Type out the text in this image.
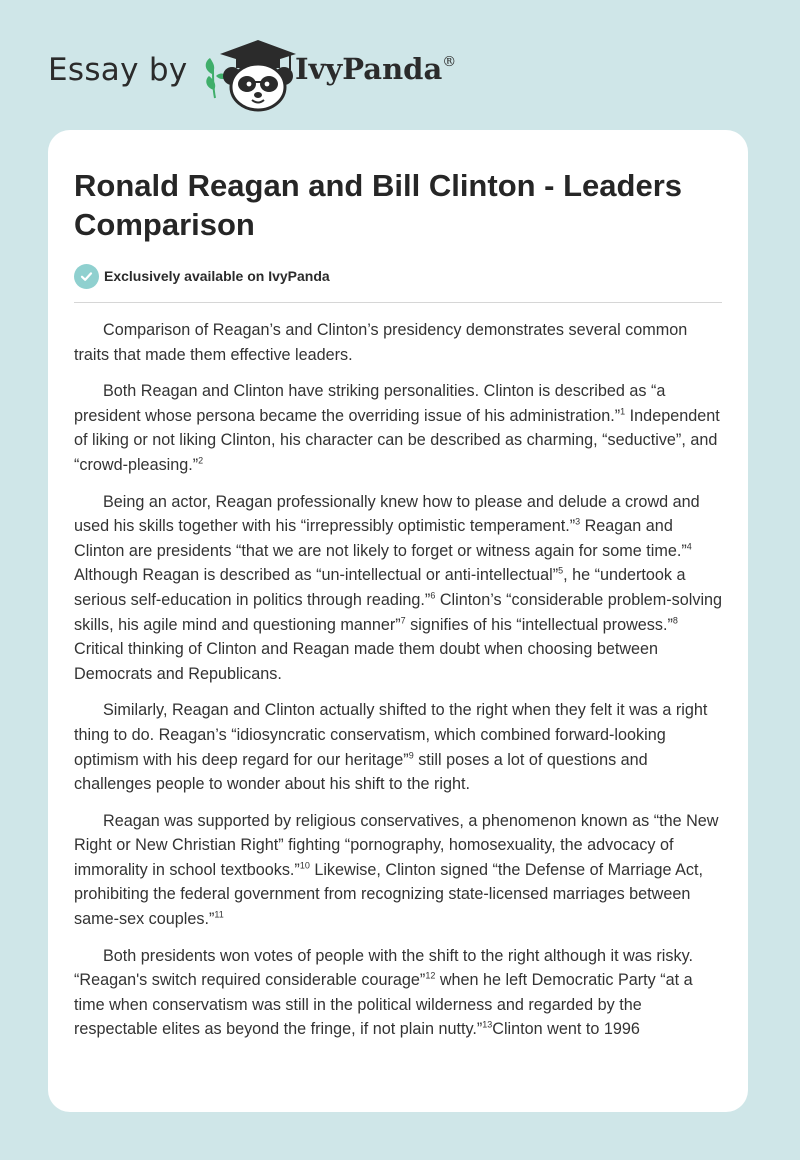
Essay by	IvyPanda®
Ronald Reagan and Bill Clinton - Leaders Comparison
Exclusively available on IvyPanda

Comparison of Reagan’s and Clinton’s presidency demonstrates several common traits that made them effective leaders.

Both Reagan and Clinton have striking personalities. Clinton is described as “a president whose persona became the overriding issue of his administration.”$^1$ Independent of liking or not liking Clinton, his character can be described as charming, “seductive”, and “crowd-pleasing.”$^2$

Being an actor, Reagan professionally knew how to please and delude a crowd and used his skills together with his “irrepressibly optimistic temperament.”$^3$ Reagan and Clinton are presidents “that we are not likely to forget or witness again for some time.”$^4$ Although Reagan is described as “un-intellectual or anti-intellectual”$^5$, he “undertook a serious self-education in politics through reading.”$^6$ Clinton’s “considerable problem-solving skills, his agile mind and questioning manner”$^7$ signifies of his “intellectual prowess.”$^8$ Critical thinking of Clinton and Reagan made them doubt when choosing between Democrats and Republicans.

Similarly, Reagan and Clinton actually shifted to the right when they felt it was a right thing to do. Reagan’s “idiosyncratic conservatism, which combined forward-looking optimism with his deep regard for our heritage”$^9$ still poses a lot of questions and challenges people to wonder about his shift to the right.

Reagan was supported by religious conservatives, a phenomenon known as “the New Right or New Christian Right” fighting “pornography, homosexuality, the advocacy of immorality in school textbooks.”$^{10}$ Likewise, Clinton signed “the Defense of Marriage Act, prohibiting the federal government from recognizing state-licensed marriages between same-sex couples.”$^{11}$

Both presidents won votes of people with the shift to the right although it was risky. “Reagan's switch required considerable courage”$^{12}$ when he left Democratic Party “at a time when conservatism was still in the political wilderness and regarded by the respectable elites as beyond the fringe, if not plain nutty.”$^{13}$Clinton went to 1996
